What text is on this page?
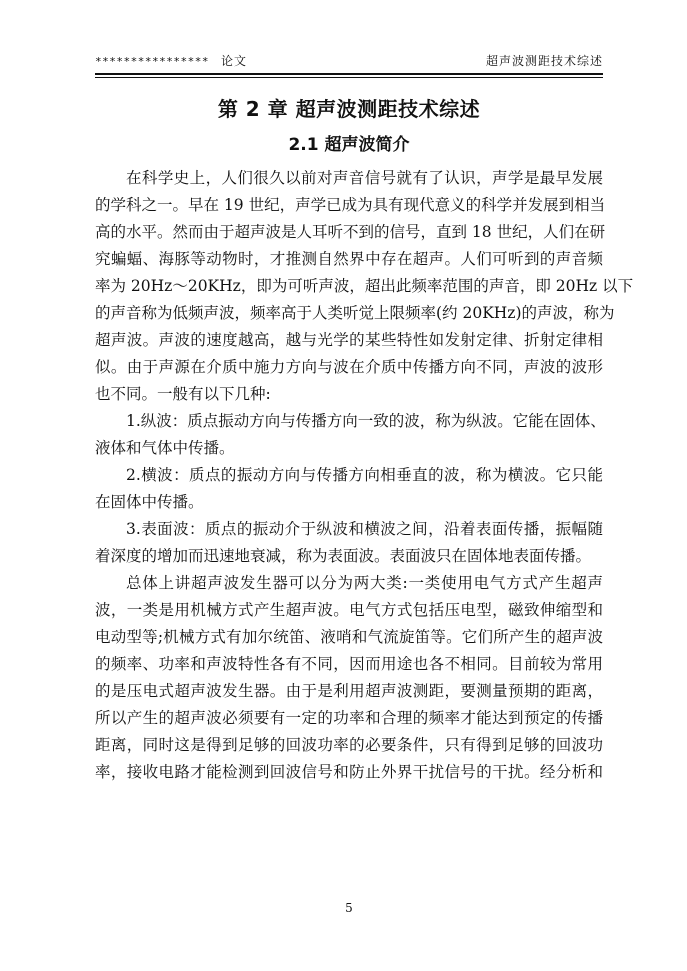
**************** 论文	超声波测距技术综述
第 2 章 超声波测距技术综述
2.1 超声波简介
在科学史上，人们很久以前对声音信号就有了认识，声学是最早发展
的学科之一。早在 19 世纪，声学已成为具有现代意义的科学并发展到相当
高的水平。然而由于超声波是人耳听不到的信号，直到 18 世纪，人们在研
究蝙蝠、海豚等动物时，才推测自然界中存在超声。人们可听到的声音频
率为 20Hz～20KHz，即为可听声波，超出此频率范围的声音，即 20Hz 以下
的声音称为低频声波，频率高于人类听觉上限频率(约 20KHz)的声波，称为
超声波。声波的速度越高，越与光学的某些特性如发射定律、折射定律相
似。由于声源在介质中施力方向与波在介质中传播方向不同，声波的波形
也不同。一般有以下几种:
1.纵波：质点振动方向与传播方向一致的波，称为纵波。它能在固体、
液体和气体中传播。
2.横波：质点的振动方向与传播方向相垂直的波，称为横波。它只能
在固体中传播。
3.表面波：质点的振动介于纵波和横波之间，沿着表面传播，振幅随
着深度的增加而迅速地衰减，称为表面波。表面波只在固体地表面传播。
总体上讲超声波发生器可以分为两大类:一类使用电气方式产生超声
波，一类是用机械方式产生超声波。电气方式包括压电型，磁致伸缩型和
电动型等;机械方式有加尔统笛、液哨和气流旋笛等。它们所产生的超声波
的频率、功率和声波特性各有不同，因而用途也各不相同。目前较为常用
的是压电式超声波发生器。由于是利用超声波测距，要测量预期的距离，
所以产生的超声波必须要有一定的功率和合理的频率才能达到预定的传播
距离，同时这是得到足够的回波功率的必要条件，只有得到足够的回波功
率，接收电路才能检测到回波信号和防止外界干扰信号的干扰。经分析和
5
